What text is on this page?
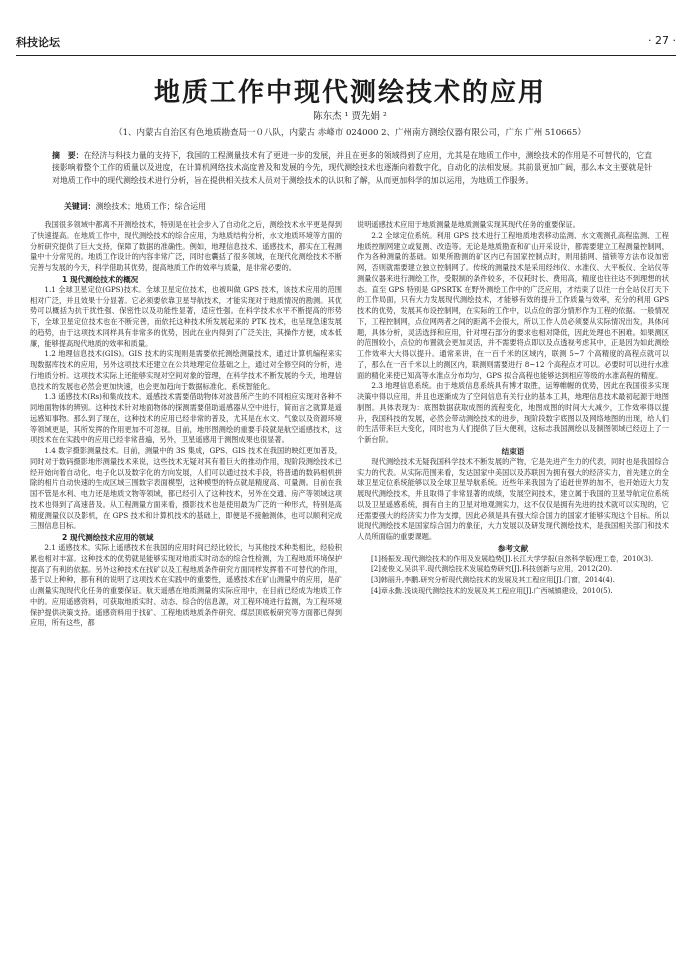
科技论坛	· 27 ·
地质工作中现代测绘技术的应用
陈东杰 ¹ 贾先娟 ²
（1、内蒙古自治区有色地质勘查局一０八队，内蒙古 赤峰市 024000 2、广州南方测绘仪器有限公司，广东 广州 510665）
摘　要：在经济与科技力量的支持下，我国的工程测量技术有了更进一步的发展，并且在更多的领域得到了应用，尤其是在地质工作中，测绘技术的作用是不可替代的，它直接影响着整个工作的质量以及进度，在计算机网络技术高度普及和发展的今先，现代测绘技术也逐渐向着数字化，自动化的法相发展。其前景更加广阔，那么本文主要就是针对地质工作中的现代测绘技术进行分析，旨在提供相关技术人员对于测绘技术的认识和了解，从而更加科学的加以运用，为地质工作服务。
关键词：测绘技术；地质工作；综合运用

我国很多领域中都离不开测绘技术，特别是在社会步入了自动化之后，测绘技术水平更是得到了快速提高。在地质工作中，现代测绘技术的综合应用，为地质结构分析，水文地质环境等方面的分析研究提供了巨大支持，保障了数据的准确性。例如，地理信息技术、遥感技术，都实在工程测量中十分常见的。地质工作设计的内容非常广泛，同时也囊括了很多领域，在现代化测绘技术不断完善与发展的今天，科学借助其优势，提高地质工作的效率与质量，是非常必要的。

1 现代测绘技术的概况

1.1 全球卫星定位(GPS)技术。全球卫星定位技术，也被叫做 GPS 技术，该技术应用的范围相对广泛，并且效果十分显著。它必须要依靠卫星导航技术，才能实现对于地质情况的勘测。其优势可以概括为抗干扰性强、保密性以及功能性显著，适应性强。在科学技术水平不断提高的形势下，全球卫星定位技术也在不断完善，而依托这种技术所发展起来的 PTK 技术，也呈现急速发展的趋势，由于这项技术同样具有非常多的优势，因此在业内得到了广泛关注，其操作方便，成本低廉，能够提高现代地质的效率和质量。

1.2 地理信息技术(GIS)。GIS 技术的实现则是需要依托测绘测量技术，通过计算机编程来实现数据库技术的应用，另外这项技术还建立在公共地理定位基础之上，通过对全修空间的分析，进行地质分析。这项技术实际上还能够实现对空间对象的管理，在科学技术不断发展的今天，地理信息技术的发展也必然会更加快速，也会更加趋向于数据标准化、系统智能化。

1.3 遥感技术(Rs)和集成技术。遥感技术需要借助物体对波普所产生的不同相应实现对各种不同地面物体的辨别。这种技术针对地面物体的探测需要借助遥感器从空中进行，简而言之就算是遥远感知事物。那么到了现在，这种技术的应用已经非常的普及，尤其是在水文、气象以及资源环境等领域更是，其所发挥的作用更加不可忽视。目前，地形图测绘的重要手段就是航空遥感技术，这项技术在在实践中的应用已经非常普遍，另外，卫星遥感用于测图成果也很显著。

1.4 数字摄影测量技术。目前，测量中的 3S 集成，GPS、GIS 技术在我国的映红更加普及，同时对于数码摄影地形测量技术来说，这些技术无疑对其有着巨大的推动作用，现阶段测绘技术已经开始向着自动化、电子化以及数字化的方向发展，人们可以通过技术手段，将普通的数码相机拼除的相片自动快速的生成区域三围数字表面模型，这种模型的特点就是精度高、可量测。目前在我国不管是水利、电力还是地质文物等领域，都已经引入了这种技术，另外在交通、房产等领域这项技术也得到了高速普及。从工程测量方面来看，摄影技术也是使用最为广泛的一种形式，特别是高精度测量仪以及影机，在 GPS 技术和计算机技术的基础上，即便是不接触测体，也可以顺利完成三围信息目标。

2 现代测绘技术应用的领域

2.1 遥感技术。实际上遥感技术在我国的应用时间已经比较长，与其他技术种类相比，经验积累也相对丰富。这种技术的优势就是能够实现对地质实时动态的综合性检测，为工程地质环境保护提高了有利的依据。另外这种技术在找矿以及工程地质条件研究方面同样发挥着不可替代的作用，基于以上种种，都有利的说明了这项技术在实践中的重要性，遥感技术在矿山测量中的应用，是矿山测量实现现代化任务的重要保证。航天遥感在地质测量的实际应用中，在目前已经成为地质工作中的。应用遥感资料，可获取地质实时、动态、综合的信息源，对工程环境进行监测，为工程环境保护提供决策支持。遥感资料用于找矿、工程地质地质条件研究、煤层顶底板研究等方面都已得到应用，所有这些，都

说明遥感技术应用于地质测量是地质测量实现其现代任务的重要保证。

2.2 全球定位系统。利用 GPS 技术进行工程地质地表移动监测、水文观测孔高程监测、工程地质控制网建立或复测、改造等。无论是地质勘查和矿山开采设计，都需要建立工程测量控制网，作为各种测量的基础。如果所勘测的矿区内已有国家控制点时，则用插网、插锁等方法布设加密网，否则就需要建立独立控制网了。传统的测量技术是采用经纬仪、水准仪、大平板仪、全站仪等测量仪器来进行测绘工作，受限制的条件较多，不仅耗时长、费用高，精度也往往达不到理想的状态。直至 GPS 特别是 GPSRTK 在野外测绘工作中的广泛应用，才结束了以往一台全站仪打天下的工作局面，只有大力发展现代测绘技术，才能够有效的提升工作质量与效率，充分的利用 GPS 技术的优势，发展其布设控制网，在实际的工作中，以点位的部分情形作为工程的依据。一般情况下，工程控制网，点位网两者之间的距离不会很大，所以工作人员必须要从实际情况出发，具体问题，具体分析，灵活选择和应用，针对埋石部分的要求也相对降低，因此处理也不困难。如果测区的范围较小，点位的布置就会更加灵活，并不需要将点即以及点透视考虑其中，正是因为如此测绘工作效率大大得以提升。通常来讲，在一百千米的区域内，联测 5~7 个高精度的高程点就可以了，那么在一百千米以上的测区内，联测则需要进行 8~12 个高程点才可以。必要时可以进行水准面的精化来使已知高等水准点分布均匀，GPS 拟合高程也能够达到相应等级的水准高程的精度。

2.3 地理信息系统。由于地质信息系统具有博才取胜，运筹帷幄的优势，因此在我国很多实现决策中得以应用，并且也逐渐成为了空间信息有关行业的基本工具，地理信息技术最初起源于地图制图。具体表现为：底图数据获取成图的流程变化，地图成图的时间大大减少，工作效率得以提升，我国科技的发展，必然会带动测绘技术的进步，现阶段数字底图以及网络地图的出现，给人们的生活带来巨大变化，同时也为人们提供了巨大便利，这标志我国测绘以及制图领域已经迈上了一个新台阶。

结束语

现代测绘技术无疑我国科学技术不断发展的产物，它是先进产生力的代表，同时也是我国综合实力的代表。从实际范围来看，发达国家中美国以及苏联因为拥有强大的经济实力，首先建立的全球卫星定位系统能够以及全球卫星导航系统。近些年来我国为了追赶世界的加不，也开始迈大力发展现代测绘技术，并且取得了非常显著的成绩，发展空间技术，建立属于我国的卫星导航定位系统以及卫星遥感系统，拥有自主的卫星对地观测实力，这不仅仅是拥有先进的技术就可以实现的，它还需要强大的经济实力作为支撑，因此必须是具有强大综合国力的国家才能够实现这个目标。所以说现代测绘技术是国家综合国力的象征，大力发展以及研发现代测绘技术，是我国相关部门和技术人员所面临的重要课题。

参考文献

[1]杨振发.现代测绘技术的作用及发展趋势[J].长江大学学报(自然科学版)理工卷，2010(3).

[2]麦俊义,吴洪平.现代测绘技术发展趋势研究[J].科技创新与应用，2012(20).

[3]韩丽升,李鹏.研究分析现代测绘技术的发展及其工程应用[J].门窗，2014(4).

[4]章永勤.浅谈现代测绘技术的发展及其工程应用[J].广西城镇建设，2010(5).
